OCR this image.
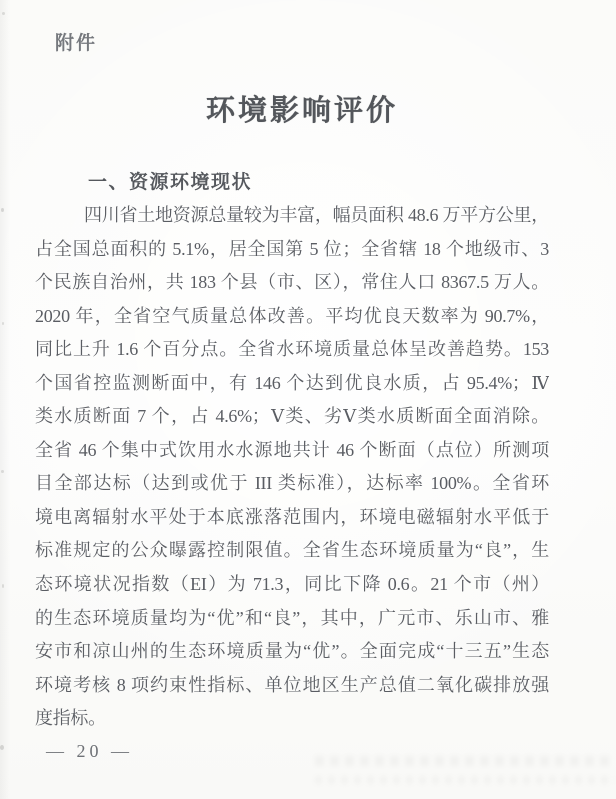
附件
环境影响评价
一、资源环境现状
四川省土地资源总量较为丰富，幅员面积 48.6 万平方公里，
占全国总面积的 5.1%，居全国第 5 位；全省辖 18 个地级市、3
个民族自治州，共 183 个县（市、区），常住人口 8367.5 万人。
2020 年，全省空气质量总体改善。平均优良天数率为 90.7%，
同比上升 1.6 个百分点。全省水环境质量总体呈改善趋势。153
个国省控监测断面中，有 146 个达到优良水质，占 95.4%；Ⅳ
类水质断面 7 个，占 4.6%；Ⅴ类、劣Ⅴ类水质断面全面消除。
全省 46 个集中式饮用水水源地共计 46 个断面（点位）所测项
目全部达标（达到或优于 III 类标准），达标率 100%。全省环
境电离辐射水平处于本底涨落范围内，环境电磁辐射水平低于
标准规定的公众曝露控制限值。全省生态环境质量为“良”，生
态环境状况指数（EI）为 71.3，同比下降 0.6。21 个市（州）
的生态环境质量均为“优”和“良”，其中，广元市、乐山市、雅
安市和凉山州的生态环境质量为“优”。全面完成“十三五”生态
环境考核 8 项约束性指标、单位地区生产总值二氧化碳排放强
度指标。
— 20 —
